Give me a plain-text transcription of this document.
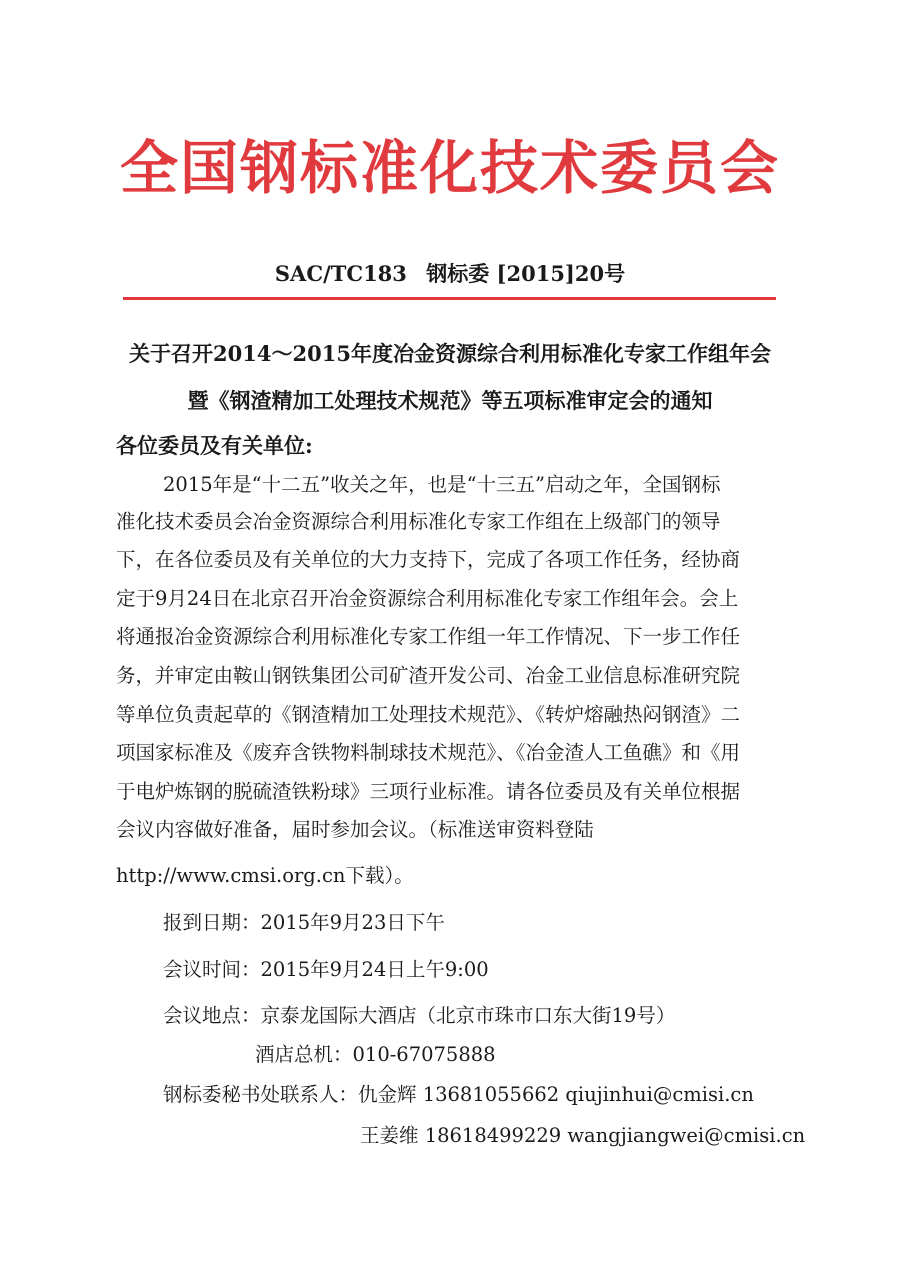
全国钢标准化技术委员会
SAC/TC183 钢标委 [2015]20号
关于召开2014～2015年度冶金资源综合利用标准化专家工作组年会
暨《钢渣精加工处理技术规范》等五项标准审定会的通知
各位委员及有关单位:
2015年是“十二五”收关之年，也是“十三五”启动之年，全国钢标
准化技术委员会冶金资源综合利用标准化专家工作组在上级部门的领导
下，在各位委员及有关单位的大力支持下，完成了各项工作任务，经协商
定于9月24日在北京召开冶金资源综合利用标准化专家工作组年会。会上
将通报冶金资源综合利用标准化专家工作组一年工作情况、下一步工作任
务，并审定由鞍山钢铁集团公司矿渣开发公司、冶金工业信息标准研究院
等单位负责起草的《钢渣精加工处理技术规范》、《转炉熔融热闷钢渣》二
项国家标准及《废弃含铁物料制球技术规范》、《冶金渣人工鱼礁》和《用
于电炉炼钢的脱硫渣铁粉球》三项行业标准。请各位委员及有关单位根据
会议内容做好准备，届时参加会议。（标准送审资料登陆
http://www.cmsi.org.cn下载）。
报到日期：2015年9月23日下午
会议时间：2015年9月24日上午9:00
会议地点：京泰龙国际大酒店（北京市珠市口东大街19号）
酒店总机：010-67075888
钢标委秘书处联系人：仇金辉 13681055662 qiujinhui@cmisi.cn
王姜维 18618499229 wangjiangwei@cmisi.cn
